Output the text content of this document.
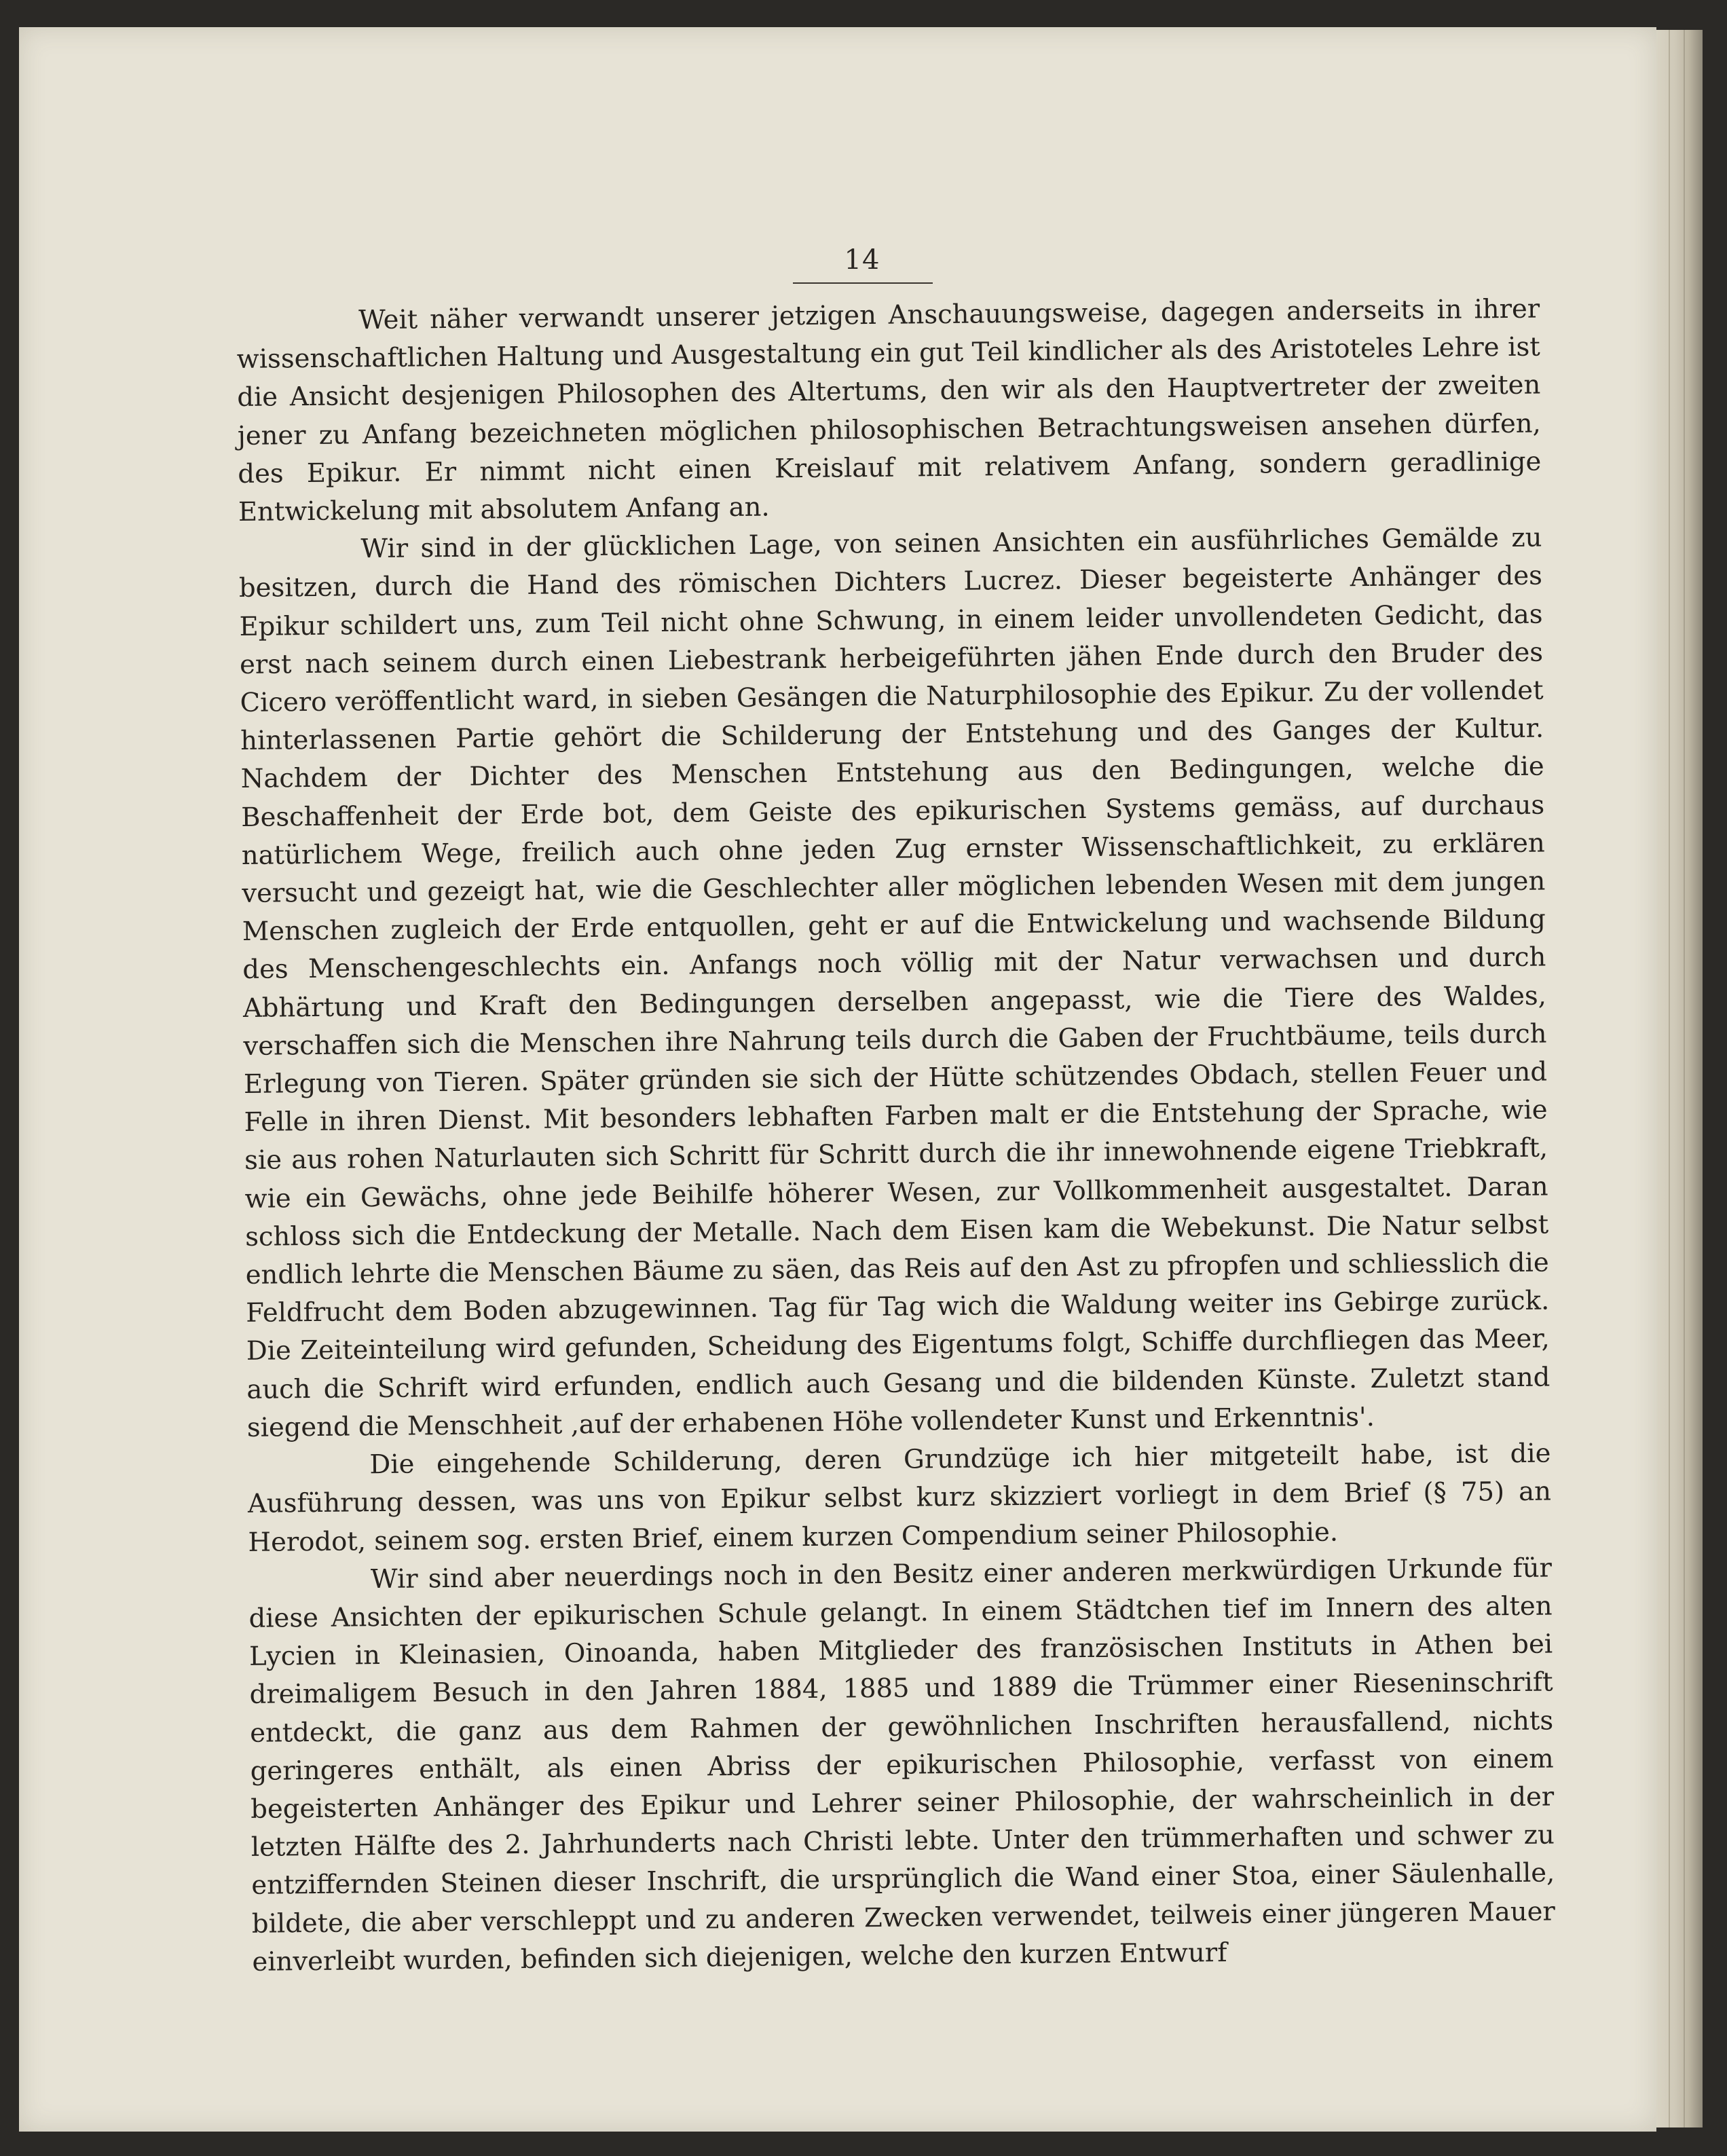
14

Weit näher verwandt unserer jetzigen Anschauungsweise, dagegen anderseits in ihrer wissenschaftlichen Haltung und Ausgestaltung ein gut Teil kindlicher als des Aristoteles Lehre ist die Ansicht desjenigen Philosophen des Altertums, den wir als den Hauptvertreter der zweiten jener zu Anfang bezeichneten möglichen philosophischen Betrachtungsweisen ansehen dürfen, des Epikur. Er nimmt nicht einen Kreislauf mit relativem Anfang, sondern geradlinige Entwickelung mit absolutem Anfang an.

Wir sind in der glücklichen Lage, von seinen Ansichten ein ausführliches Gemälde zu besitzen, durch die Hand des römischen Dichters Lucrez. Dieser begeisterte Anhänger des Epikur schildert uns, zum Teil nicht ohne Schwung, in einem leider unvollendeten Gedicht, das erst nach seinem durch einen Liebestrank herbeigeführten jähen Ende durch den Bruder des Cicero veröffentlicht ward, in sieben Gesängen die Naturphilosophie des Epikur. Zu der vollendet hinterlassenen Partie gehört die Schilderung der Entstehung und des Ganges der Kultur. Nachdem der Dichter des Menschen Entstehung aus den Bedingungen, welche die Beschaffenheit der Erde bot, dem Geiste des epikurischen Systems gemäss, auf durchaus natürlichem Wege, freilich auch ohne jeden Zug ernster Wissenschaftlichkeit, zu erklären versucht und gezeigt hat, wie die Geschlechter aller möglichen lebenden Wesen mit dem jungen Menschen zugleich der Erde entquollen, geht er auf die Entwickelung und wachsende Bildung des Menschengeschlechts ein. Anfangs noch völlig mit der Natur verwachsen und durch Abhärtung und Kraft den Bedingungen derselben angepasst, wie die Tiere des Waldes, verschaffen sich die Menschen ihre Nahrung teils durch die Gaben der Fruchtbäume, teils durch Erlegung von Tieren. Später gründen sie sich der Hütte schützendes Obdach, stellen Feuer und Felle in ihren Dienst. Mit besonders lebhaften Farben malt er die Entstehung der Sprache, wie sie aus rohen Naturlauten sich Schritt für Schritt durch die ihr innewohnende eigene Triebkraft, wie ein Gewächs, ohne jede Beihilfe höherer Wesen, zur Vollkommenheit ausgestaltet. Daran schloss sich die Entdeckung der Metalle. Nach dem Eisen kam die Webekunst. Die Natur selbst endlich lehrte die Menschen Bäume zu säen, das Reis auf den Ast zu pfropfen und schliesslich die Feldfrucht dem Boden abzugewinnen. Tag für Tag wich die Waldung weiter ins Gebirge zurück. Die Zeiteinteilung wird gefunden, Scheidung des Eigentums folgt, Schiffe durchfliegen das Meer, auch die Schrift wird erfunden, endlich auch Gesang und die bildenden Künste. Zuletzt stand siegend die Menschheit ‚auf der erhabenen Höhe vollendeter Kunst und Erkenntnis'.

Die eingehende Schilderung, deren Grundzüge ich hier mitgeteilt habe, ist die Ausführung dessen, was uns von Epikur selbst kurz skizziert vorliegt in dem Brief (§ 75) an Herodot, seinem sog. ersten Brief, einem kurzen Compendium seiner Philosophie.

Wir sind aber neuerdings noch in den Besitz einer anderen merkwürdigen Urkunde für diese Ansichten der epikurischen Schule gelangt. In einem Städtchen tief im Innern des alten Lycien in Kleinasien, Oinoanda, haben Mitglieder des französischen Instituts in Athen bei dreimaligem Besuch in den Jahren 1884, 1885 und 1889 die Trümmer einer Rieseninschrift entdeckt, die ganz aus dem Rahmen der gewöhnlichen Inschriften herausfallend, nichts geringeres enthält, als einen Abriss der epikurischen Philosophie, verfasst von einem begeisterten Anhänger des Epikur und Lehrer seiner Philosophie, der wahrscheinlich in der letzten Hälfte des 2. Jahrhunderts nach Christi lebte. Unter den trümmerhaften und schwer zu entziffernden Steinen dieser Inschrift, die ursprünglich die Wand einer Stoa, einer Säulenhalle, bildete, die aber verschleppt und zu anderen Zwecken verwendet, teilweis einer jüngeren Mauer einverleibt wurden, befinden sich diejenigen, welche den kurzen Entwurf
